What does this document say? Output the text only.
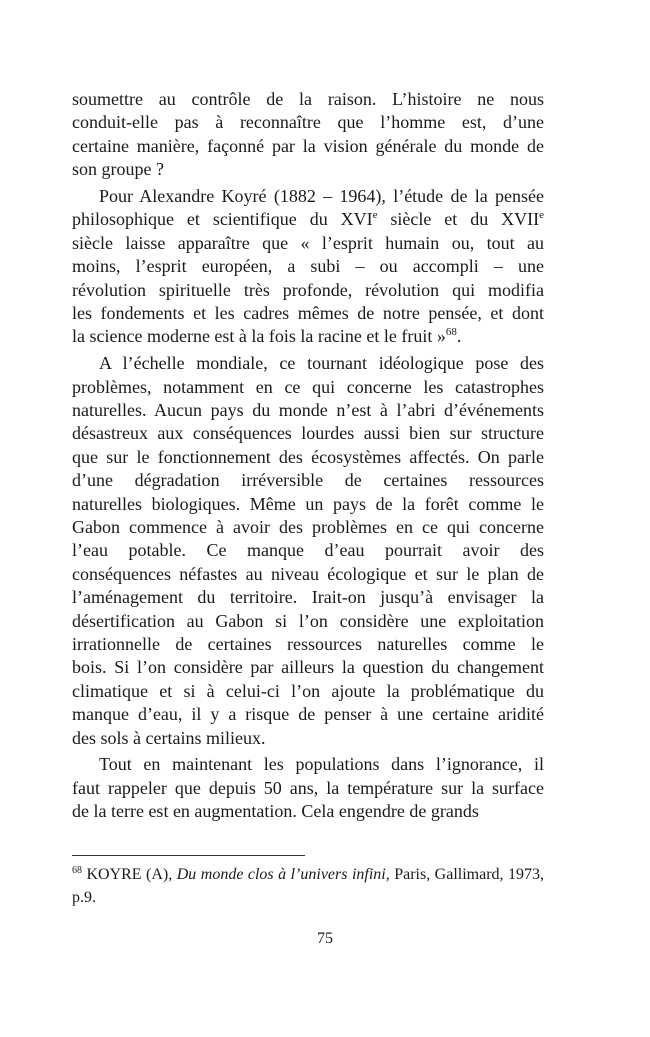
soumettre au contrôle de la raison. L’histoire ne nous
conduit-elle pas à reconnaître que l’homme est, d’une
certaine manière, façonné par la vision générale du monde de
son groupe ?
Pour Alexandre Koyré (1882 – 1964), l’étude de la pensée
philosophique et scientifique du XVIe siècle et du XVIIe
siècle laisse apparaître que « l’esprit humain ou, tout au
moins, l’esprit européen, a subi – ou accompli – une
révolution spirituelle très profonde, révolution qui modifia
les fondements et les cadres mêmes de notre pensée, et dont
la science moderne est à la fois la racine et le fruit »$^{68}$.
A l’échelle mondiale, ce tournant idéologique pose des
problèmes, notamment en ce qui concerne les catastrophes
naturelles. Aucun pays du monde n’est à l’abri d’événements
désastreux aux conséquences lourdes aussi bien sur structure
que sur le fonctionnement des écosystèmes affectés. On parle
d’une dégradation irréversible de certaines ressources
naturelles biologiques. Même un pays de la forêt comme le
Gabon commence à avoir des problèmes en ce qui concerne
l’eau potable. Ce manque d’eau pourrait avoir des
conséquences néfastes au niveau écologique et sur le plan de
l’aménagement du territoire. Irait-on jusqu’à envisager la
désertification au Gabon si l’on considère une exploitation
irrationnelle de certaines ressources naturelles comme le
bois. Si l’on considère par ailleurs la question du changement
climatique et si à celui-ci l’on ajoute la problématique du
manque d’eau, il y a risque de penser à une certaine aridité
des sols à certains milieux.
Tout en maintenant les populations dans l’ignorance, il
faut rappeler que depuis 50 ans, la température sur la surface
de la terre est en augmentation. Cela engendre de grands
$^{68}$ KOYRE (A), Du monde clos à l’univers infini, Paris, Gallimard, 1973,
p.9.
75
